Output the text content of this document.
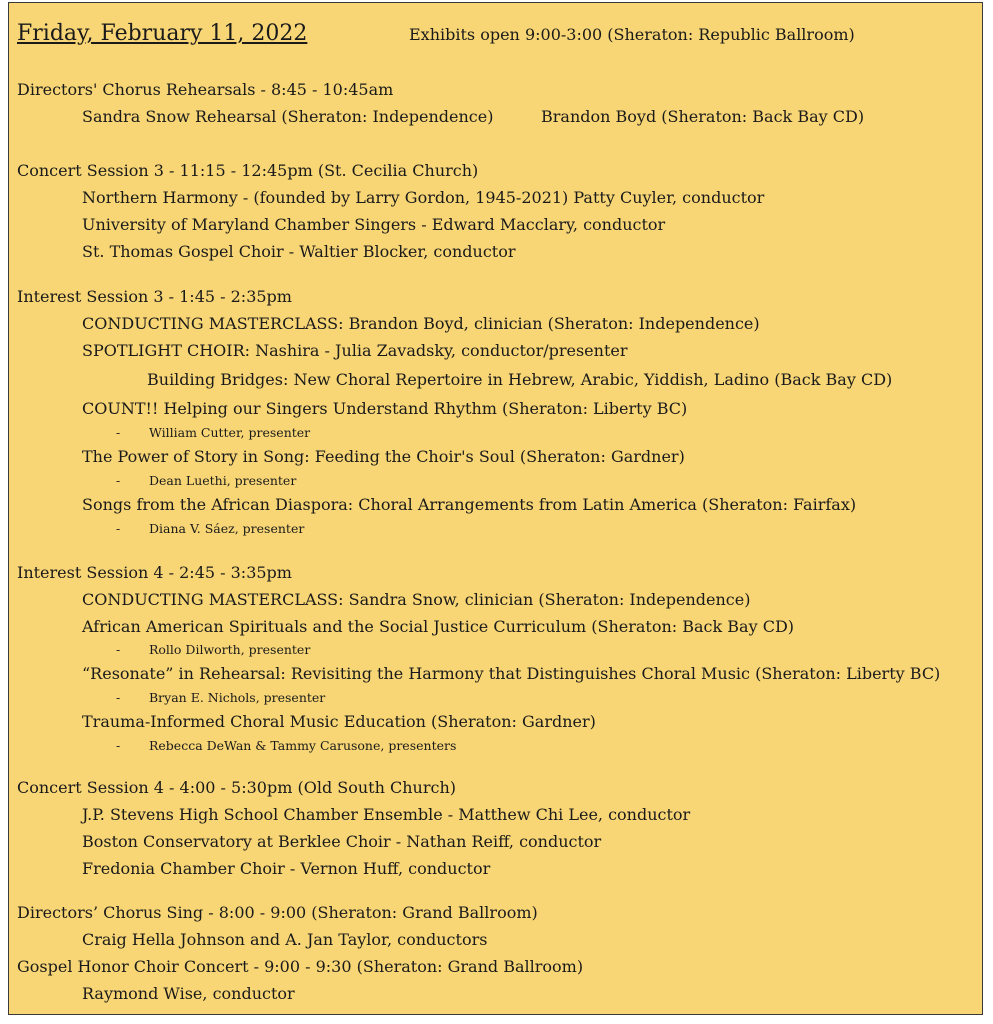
Friday, February 11, 2022	Exhibits open 9:00-3:00 (Sheraton: Republic Ballroom)
Directors' Chorus Rehearsals - 8:45 - 10:45am
Sandra Snow Rehearsal (Sheraton: Independence)	Brandon Boyd (Sheraton: Back Bay CD)
Concert Session 3 - 11:15 - 12:45pm (St. Cecilia Church)
Northern Harmony - (founded by Larry Gordon, 1945-2021) Patty Cuyler, conductor
University of Maryland Chamber Singers - Edward Macclary, conductor
St. Thomas Gospel Choir - Waltier Blocker, conductor
Interest Session 3 - 1:45 - 2:35pm
CONDUCTING MASTERCLASS: Brandon Boyd, clinician (Sheraton: Independence)
SPOTLIGHT CHOIR: Nashira - Julia Zavadsky, conductor/presenter
Building Bridges: New Choral Repertoire in Hebrew, Arabic, Yiddish, Ladino (Back Bay CD)
COUNT!! Helping our Singers Understand Rhythm (Sheraton: Liberty BC)
- William Cutter, presenter
The Power of Story in Song: Feeding the Choir's Soul (Sheraton: Gardner)
- Dean Luethi, presenter
Songs from the African Diaspora: Choral Arrangements from Latin America (Sheraton: Fairfax)
- Diana V. Sáez, presenter
Interest Session 4 - 2:45 - 3:35pm
CONDUCTING MASTERCLASS: Sandra Snow, clinician (Sheraton: Independence)
African American Spirituals and the Social Justice Curriculum (Sheraton: Back Bay CD)
- Rollo Dilworth, presenter
“Resonate” in Rehearsal: Revisiting the Harmony that Distinguishes Choral Music (Sheraton: Liberty BC)
- Bryan E. Nichols, presenter
Trauma-Informed Choral Music Education (Sheraton: Gardner)
- Rebecca DeWan & Tammy Carusone, presenters
Concert Session 4 - 4:00 - 5:30pm (Old South Church)
J.P. Stevens High School Chamber Ensemble - Matthew Chi Lee, conductor
Boston Conservatory at Berklee Choir - Nathan Reiff, conductor
Fredonia Chamber Choir - Vernon Huff, conductor
Directors’ Chorus Sing - 8:00 - 9:00 (Sheraton: Grand Ballroom)
Craig Hella Johnson and A. Jan Taylor, conductors
Gospel Honor Choir Concert - 9:00 - 9:30 (Sheraton: Grand Ballroom)
Raymond Wise, conductor
